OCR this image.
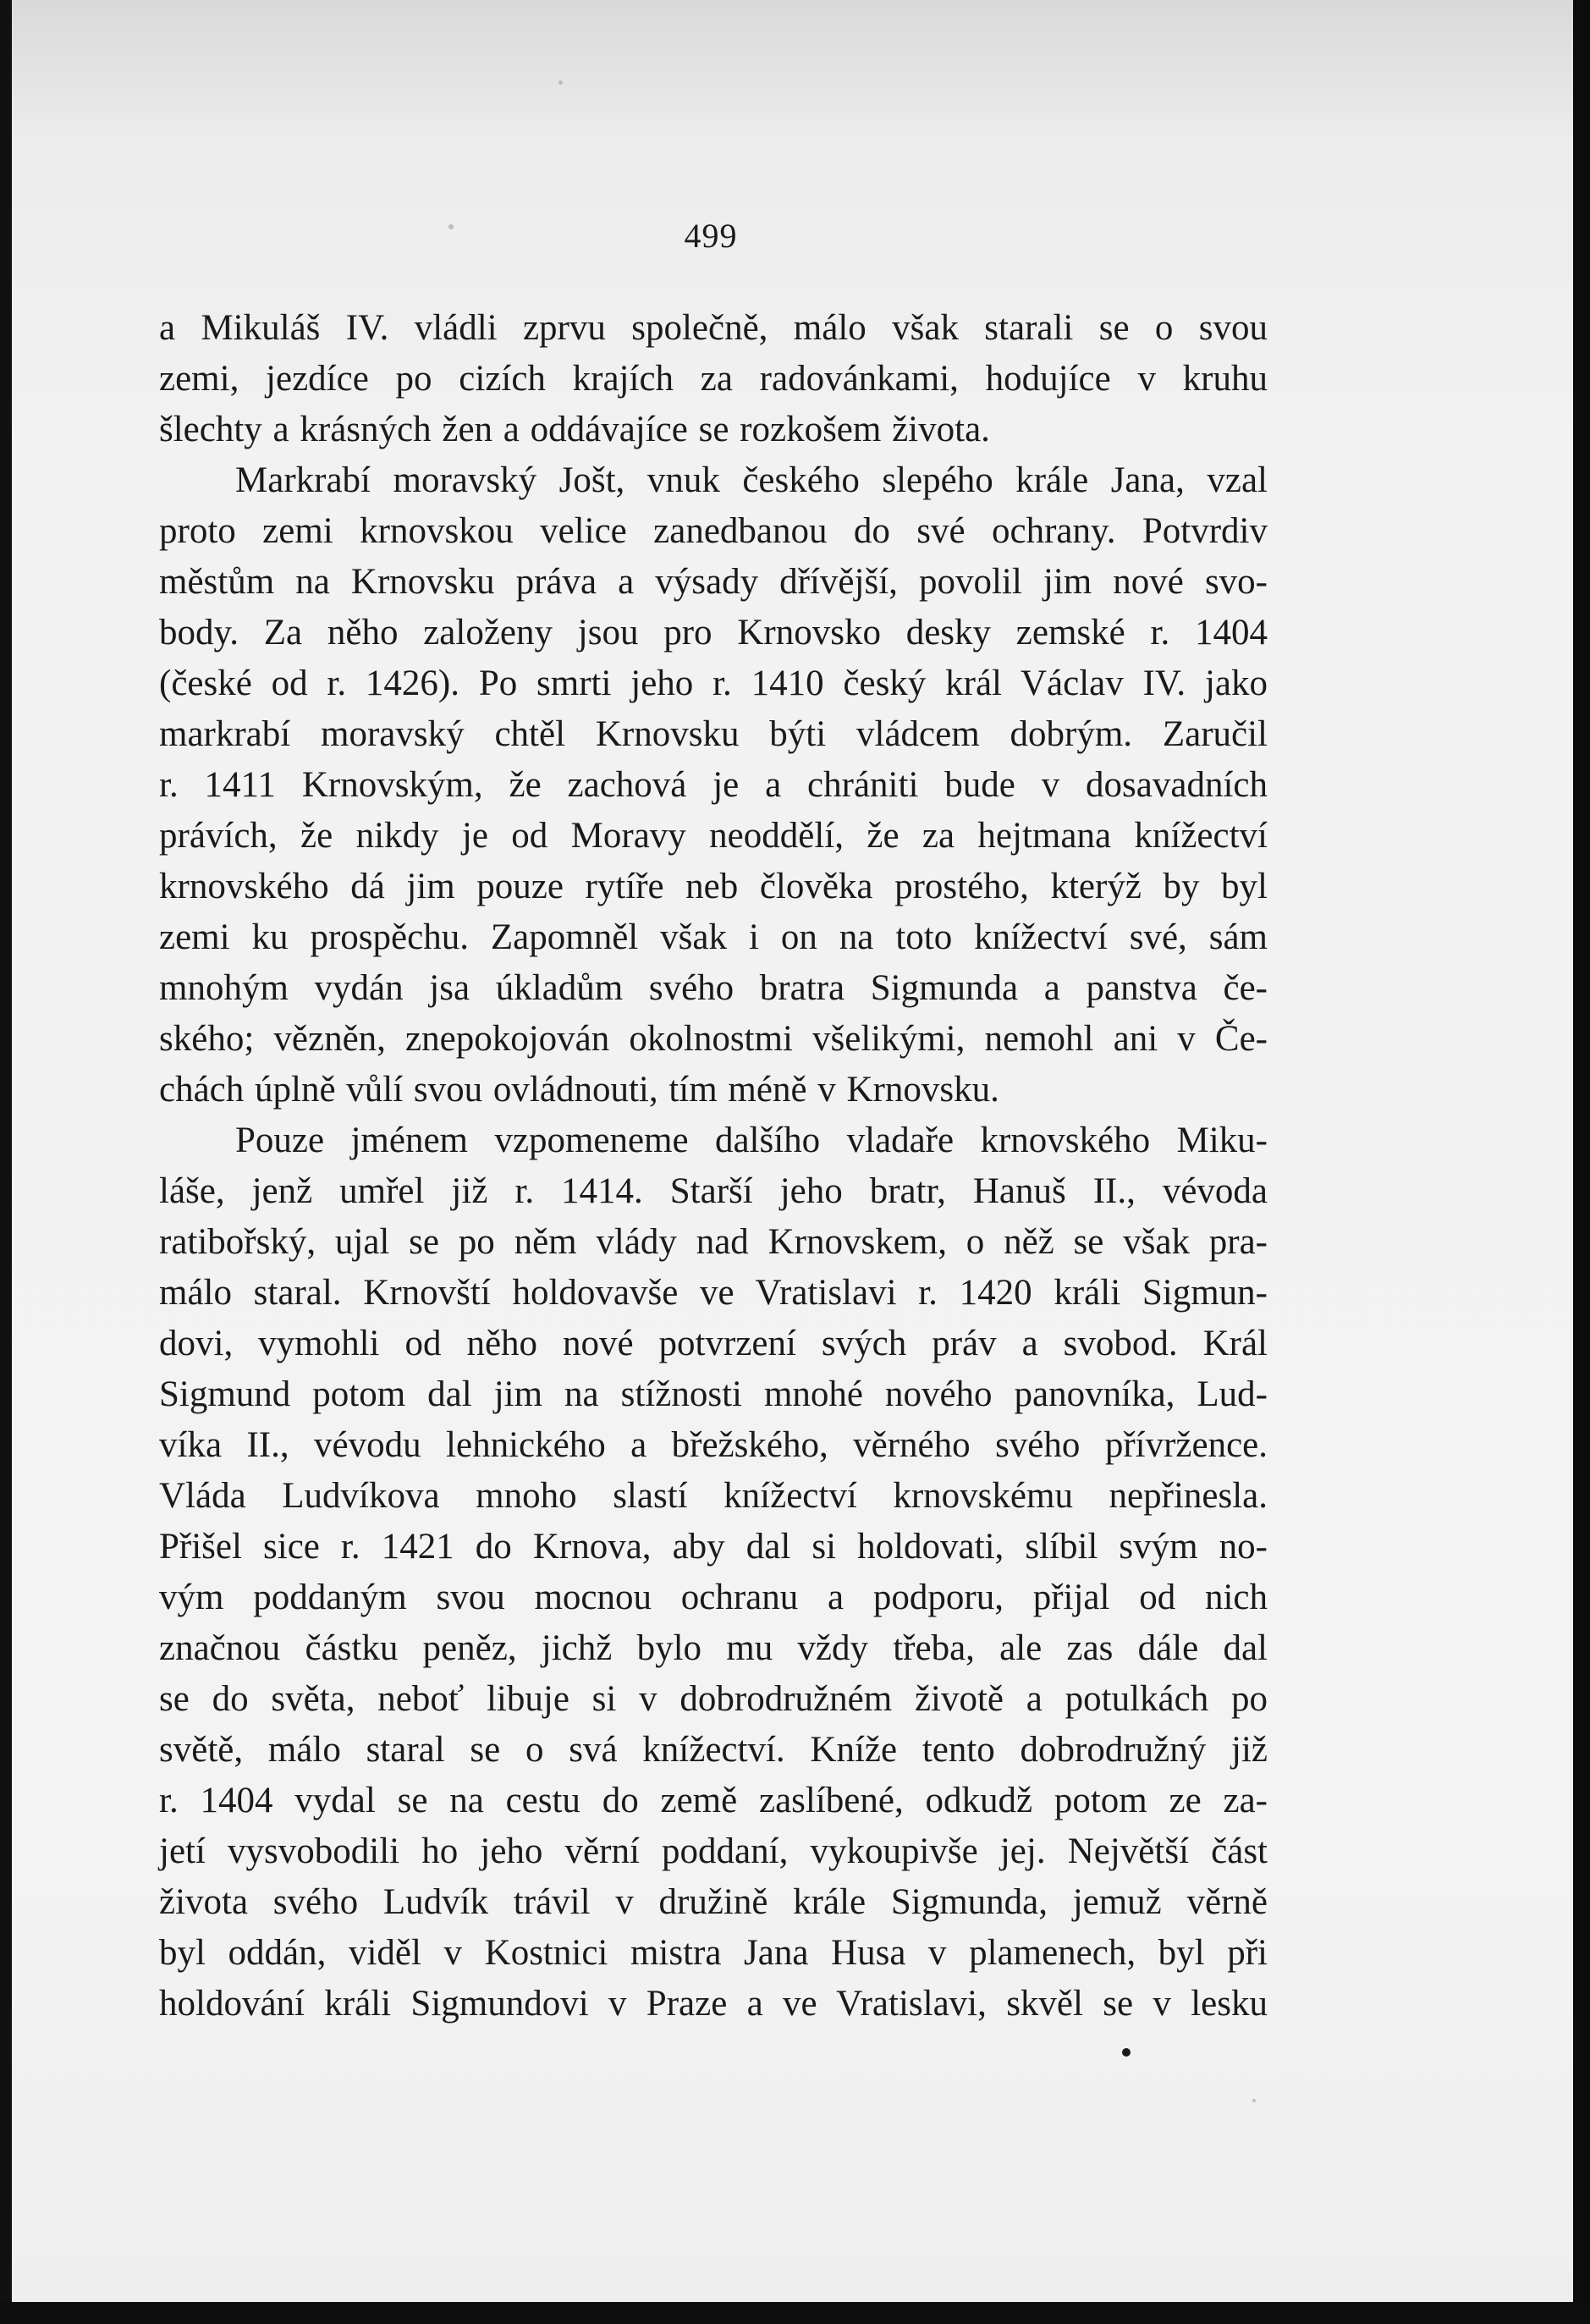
499
a Mikuláš IV. vládli zprvu společně, málo však starali se o svou
zemi, jezdíce po cizích krajích za radovánkami, hodujíce v kruhu
šlechty a krásných žen a oddávajíce se rozkošem života.
Markrabí moravský Jošt, vnuk českého slepého krále Jana, vzal
proto zemi krnovskou velice zanedbanou do své ochrany. Potvrdiv
městům na Krnovsku práva a výsady dřívější, povolil jim nové svo-
body. Za něho založeny jsou pro Krnovsko desky zemské r. 1404
(české od r. 1426). Po smrti jeho r. 1410 český král Václav IV. jako
markrabí moravský chtěl Krnovsku býti vládcem dobrým. Zaručil
r. 1411 Krnovským, že zachová je a chrániti bude v dosavadních
právích, že nikdy je od Moravy neoddělí, že za hejtmana knížectví
krnovského dá jim pouze rytíře neb člověka prostého, kterýž by byl
zemi ku prospěchu. Zapomněl však i on na toto knížectví své, sám
mnohým vydán jsa úkladům svého bratra Sigmunda a panstva če-
ského; vězněn, znepokojován okolnostmi všelikými, nemohl ani v Če-
chách úplně vůlí svou ovládnouti, tím méně v Krnovsku.
Pouze jménem vzpomeneme dalšího vladaře krnovského Miku-
láše, jenž umřel již r. 1414. Starší jeho bratr, Hanuš II., vévoda
ratibořský, ujal se po něm vlády nad Krnovskem, o něž se však pra-
málo staral. Krnovští holdovavše ve Vratislavi r. 1420 králi Sigmun-
dovi, vymohli od něho nové potvrzení svých práv a svobod. Král
Sigmund potom dal jim na stížnosti mnohé nového panovníka, Lud-
víka II., vévodu lehnického a břežského, věrného svého přívržence.
Vláda Ludvíkova mnoho slastí knížectví krnovskému nepřinesla.
Přišel sice r. 1421 do Krnova, aby dal si holdovati, slíbil svým no-
vým poddaným svou mocnou ochranu a podporu, přijal od nich
značnou částku peněz, jichž bylo mu vždy třeba, ale zas dále dal
se do světa, neboť libuje si v dobrodružném životě a potulkách po
světě, málo staral se o svá knížectví. Kníže tento dobrodružný již
r. 1404 vydal se na cestu do země zaslíbené, odkudž potom ze za-
jetí vysvobodili ho jeho věrní poddaní, vykoupivše jej. Největší část
života svého Ludvík trávil v družině krále Sigmunda, jemuž věrně
byl oddán, viděl v Kostnici mistra Jana Husa v plamenech, byl při
holdování králi Sigmundovi v Praze a ve Vratislavi, skvěl se v lesku
